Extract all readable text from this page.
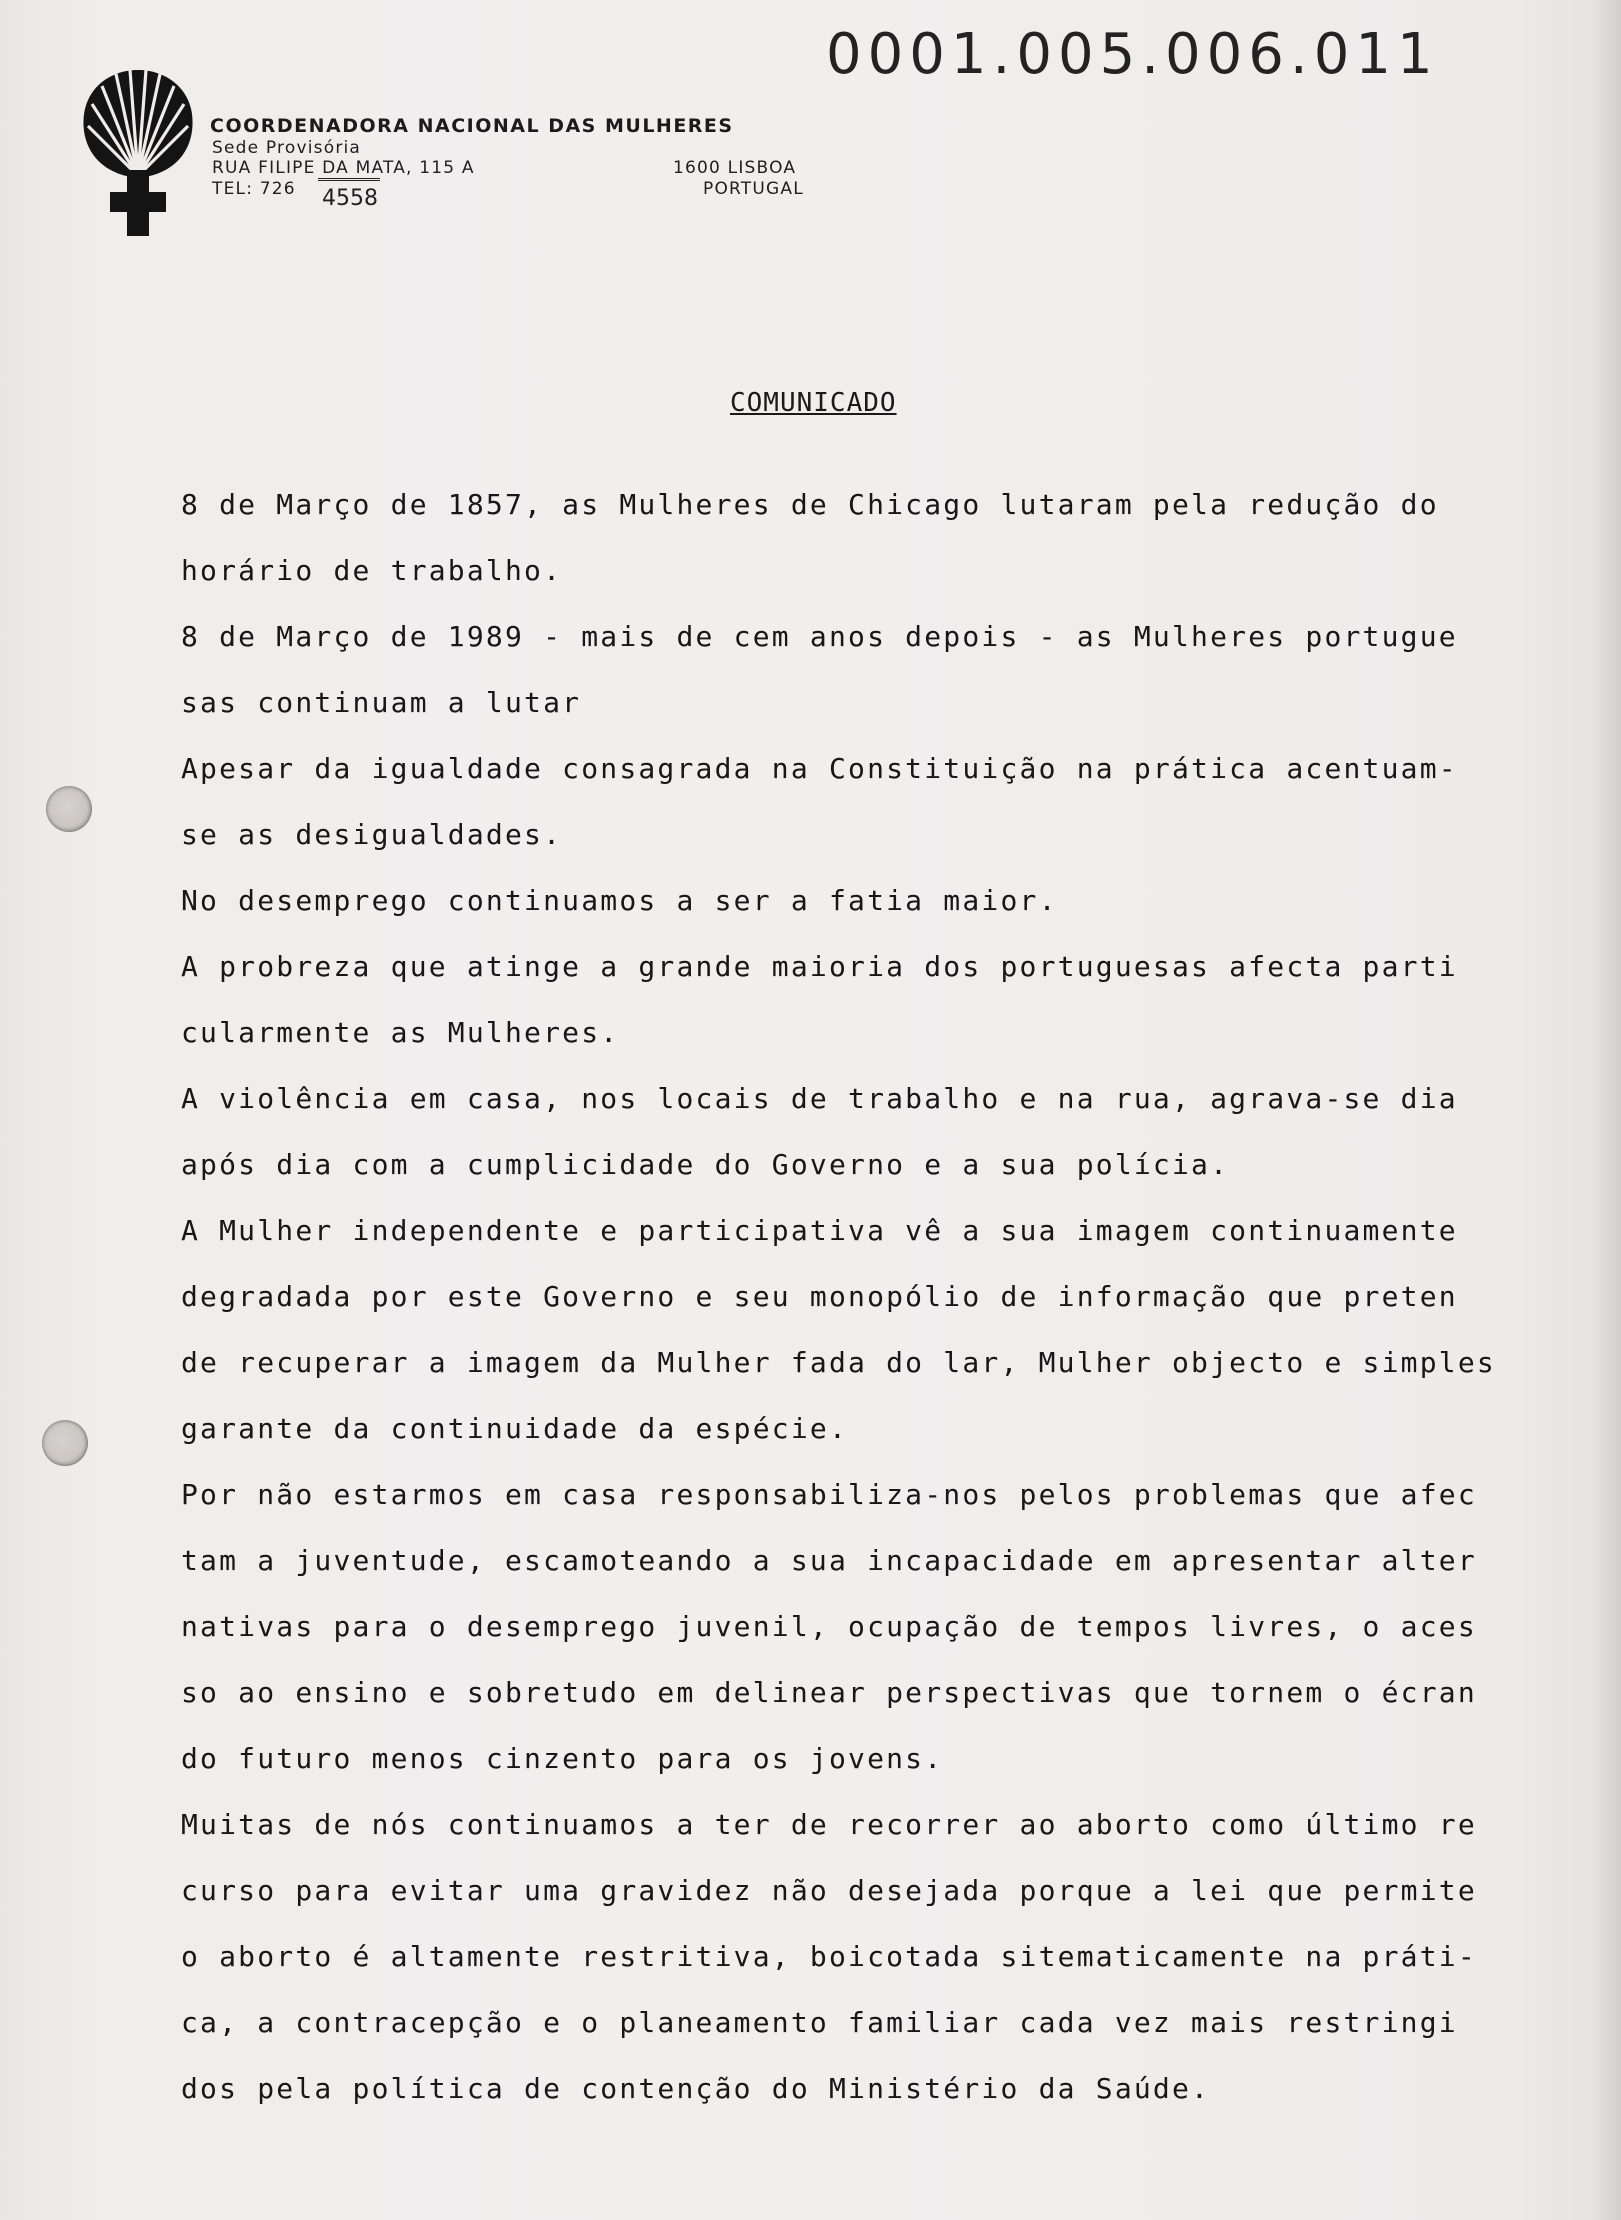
0001.005.006.011
COORDENADORA NACIONAL DAS MULHERES
Sede Provisória
RUA FILIPE DA MATA, 115 A
TEL: 726	4558
1600 LISBOA
PORTUGAL
COMUNICADO
8 de Março de 1857, as Mulheres de Chicago lutaram pela redução do
horário de trabalho.
8 de Março de 1989 - mais de cem anos depois - as Mulheres portugue
sas continuam a lutar
Apesar da igualdade consagrada na Constituição na prática acentuam-
se as desigualdades.
No desemprego continuamos a ser a fatia maior.
A probreza que atinge a grande maioria dos portuguesas afecta parti
cularmente as Mulheres.
A violência em casa, nos locais de trabalho e na rua, agrava-se dia
após dia com a cumplicidade do Governo e a sua polícia.
A Mulher independente e participativa vê a sua imagem continuamente
degradada por este Governo e seu monopólio de informação que preten
de recuperar a imagem da Mulher fada do lar, Mulher objecto e simples
garante da continuidade da espécie.
Por não estarmos em casa responsabiliza-nos pelos problemas que afec
tam a juventude, escamoteando a sua incapacidade em apresentar alter
nativas para o desemprego juvenil, ocupação de tempos livres, o aces
so ao ensino e sobretudo em delinear perspectivas que tornem o écran
do futuro menos cinzento para os jovens.
Muitas de nós continuamos a ter de recorrer ao aborto como último re
curso para evitar uma gravidez não desejada porque a lei que permite
o aborto é altamente restritiva, boicotada sitematicamente na práti-
ca, a contracepção e o planeamento familiar cada vez mais restringi
dos pela política de contenção do Ministério da Saúde.
